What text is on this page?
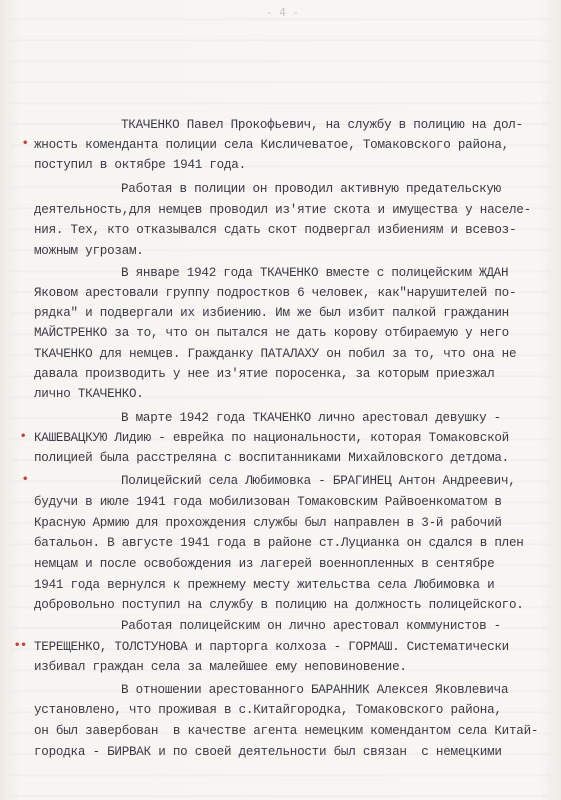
- 4 -
ТКАЧЕНКО Павел Прокофьевич, на службу в полицию на дол-
жность коменданта полиции села Кисличеватое, Томаковского района,
поступил в октябре 1941 года.
Работая в полиции он проводил активную предательскую
деятельность,для немцев проводил из'ятие скота и имущества у населе-
ния. Тех, кто отказывался сдать скот подвергал избиениям и всевоз-
можным угрозам.
В январе 1942 года ТКАЧЕНКО вместе с полицейским ЖДАН
Яковом арестовали группу подростков 6 человек, как"нарушителей по-
рядка" и подвергали их избиению. Им же был избит палкой гражданин
МАЙСТРЕНКО за то, что он пытался не дать корову отбираемую у него
ТКАЧЕНКО для немцев. Гражданку ПАТАЛАХУ он побил за то, что она не
давала производить у нее из'ятие поросенка, за которым приезжал
лично ТКАЧЕНКО.
В марте 1942 года ТКАЧЕНКО лично арестовал девушку -
КАШЕВАЦКУЮ Лидию - еврейка по национальности, которая Томаковской
полицией была расстреляна с воспитанниками Михайловского детдома.
Полицейский села Любимовка - БРАГИНЕЦ Антон Андреевич,
будучи в июле 1941 года мобилизован Томаковским Райвоенкоматом в
Красную Армию для прохождения службы был направлен в 3-й рабочий
батальон. В августе 1941 года в районе ст.Луцианка он сдался в плен
немцам и после освобождения из лагерей военнопленных в сентябре
1941 года вернулся к прежнему месту жительства села Любимовка и
добровольно поступил на службу в полицию на должность полицейского.
Работая полицейским он лично арестовал коммунистов -
ТЕРЕЩЕНКО, ТОЛСТУНОВА и парторга колхоза - ГОРМАШ. Систематически
избивал граждан села за малейшее ему неповиновение.
В отношении арестованного БАРАННИК Алексея Яковлевича
установлено, что проживая в с.Китайгородка, Томаковского района,
он был завербован  в качестве агента немецким комендантом села Китай-
городка - БИРВАК и по своей деятельности был связан  с немецкими
•
•
•
••
